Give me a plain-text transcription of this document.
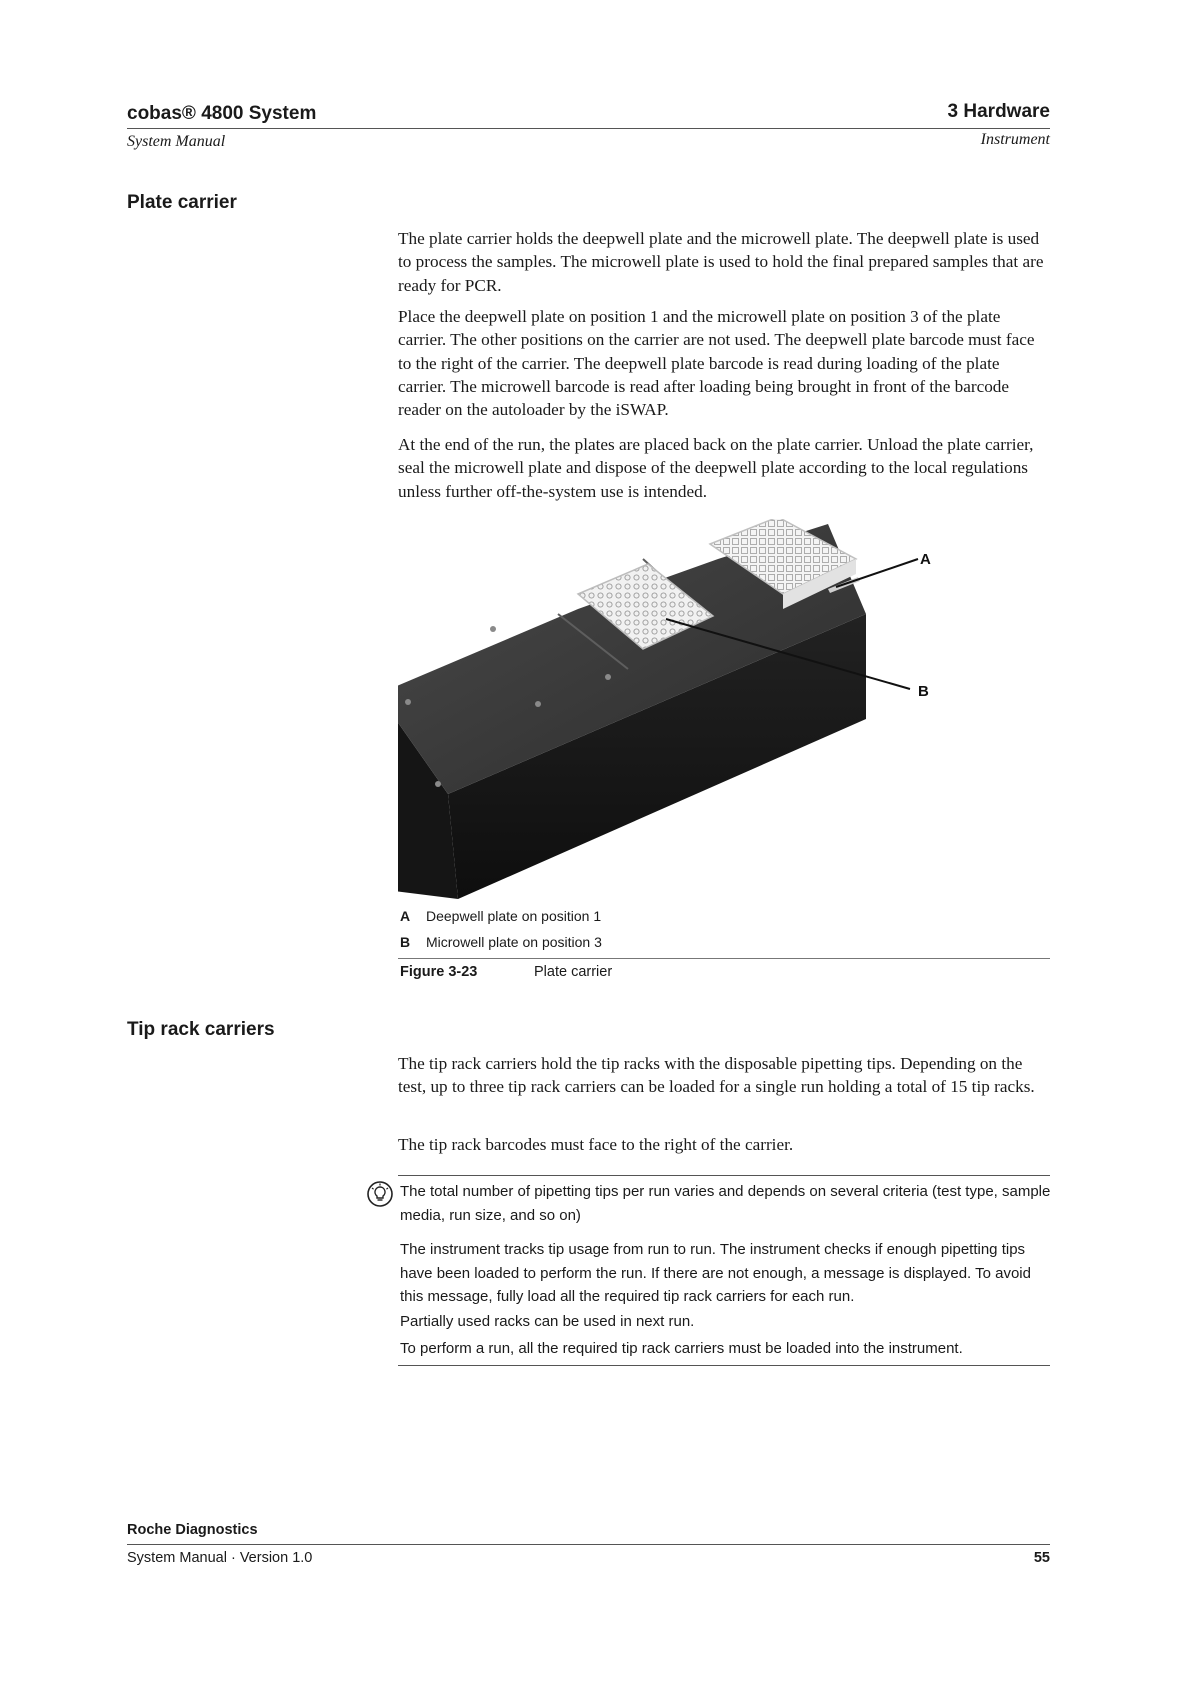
cobas® 4800 System
System Manual
3 Hardware
Instrument
Plate carrier
The plate carrier holds the deepwell plate and the microwell plate. The deepwell plate is used to process the samples. The microwell plate is used to hold the final prepared samples that are ready for PCR.
Place the deepwell plate on position 1 and the microwell plate on position 3 of the plate carrier. The other positions on the carrier are not used. The deepwell plate barcode must face to the right of the carrier. The deepwell plate barcode is read during loading of the plate carrier. The microwell barcode is read after loading being brought in front of the barcode reader on the autoloader by the iSWAP.
At the end of the run, the plates are placed back on the plate carrier. Unload the plate carrier, seal the microwell plate and dispose of the deepwell plate according to the local regulations unless further off-the-system use is intended.
A
B
A Deepwell plate on position 1
B Microwell plate on position 3
Figure 3-23	Plate carrier
Tip rack carriers
The tip rack carriers hold the tip racks with the disposable pipetting tips. Depending on the test, up to three tip rack carriers can be loaded for a single run holding a total of 15 tip racks.
The tip rack barcodes must face to the right of the carrier.
The total number of pipetting tips per run varies and depends on several criteria (test type, sample media, run size, and so on)
The instrument tracks tip usage from run to run. The instrument checks if enough pipetting tips have been loaded to perform the run. If there are not enough, a message is displayed. To avoid this message, fully load all the required tip rack carriers for each run.
Partially used racks can be used in next run.
To perform a run, all the required tip rack carriers must be loaded into the instrument.
Roche Diagnostics
System Manual · Version 1.0	55
